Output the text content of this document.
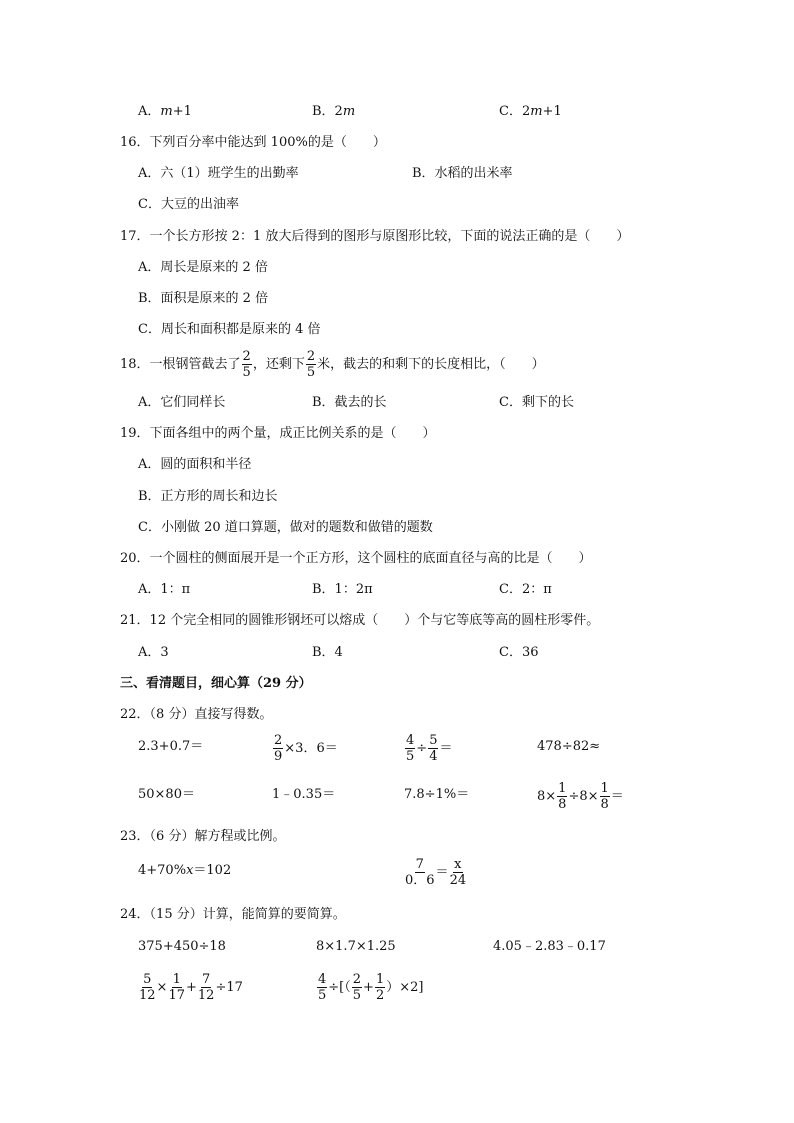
A．m+1	B．2m	C．2m+1
16．下列百分率中能达到 100%的是（　　）
A．六（1）班学生的出勤率	B．水稻的出米率
C．大豆的出油率
17．一个长方形按 2：1 放大后得到的图形与原图形比较，下面的说法正确的是（　　）
A．周长是原来的 2 倍
B．面积是原来的 2 倍
C．周长和面积都是原来的 4 倍
18．一根钢管截去了 $\frac{2}{5}$ ，还剩下 $\frac{2}{5}$ 米，截去的和剩下的长度相比，（　　）
A．它们同样长	B．截去的长	C．剩下的长
19．下面各组中的两个量，成正比例关系的是（　　）
A．圆的面积和半径
B．正方形的周长和边长
C．小刚做 20 道口算题，做对的题数和做错的题数
20．一个圆柱的侧面展开是一个正方形，这个圆柱的底面直径与高的比是（　　）
A．1：π	B．1：2π	C．2：π
21．12 个完全相同的圆锥形钢坯可以熔成（　　）个与它等底等高的圆柱形零件。
A．3	B．4	C．36
三、看清题目，细心算（29 分）
22．（8 分）直接写得数。
2.3+0.7＝	$\frac{2}{9} \times 3$．6＝	$\frac{4}{5} \div \frac{5}{4}$ ＝	478÷82≈
50×80＝	1﹣0.35＝	7.8÷1%＝	$8\times \frac{1}{8} \div 8\times \frac{1}{8}$ ＝
23．（6 分）解方程或比例。
4+70%x＝102	$\frac{7}{0.6} = \frac{x}{24}$
24．（15 分）计算，能简算的要简算。
375+450÷18	8×1.7×1.25	4.05﹣2.83﹣0.17
$\frac{5}{12} \times \frac{1}{17} + \frac{7}{12} \div 17$	$\frac{4}{5}$ ÷[（ $\frac{2}{5} + \frac{1}{2} )\times 2$]
